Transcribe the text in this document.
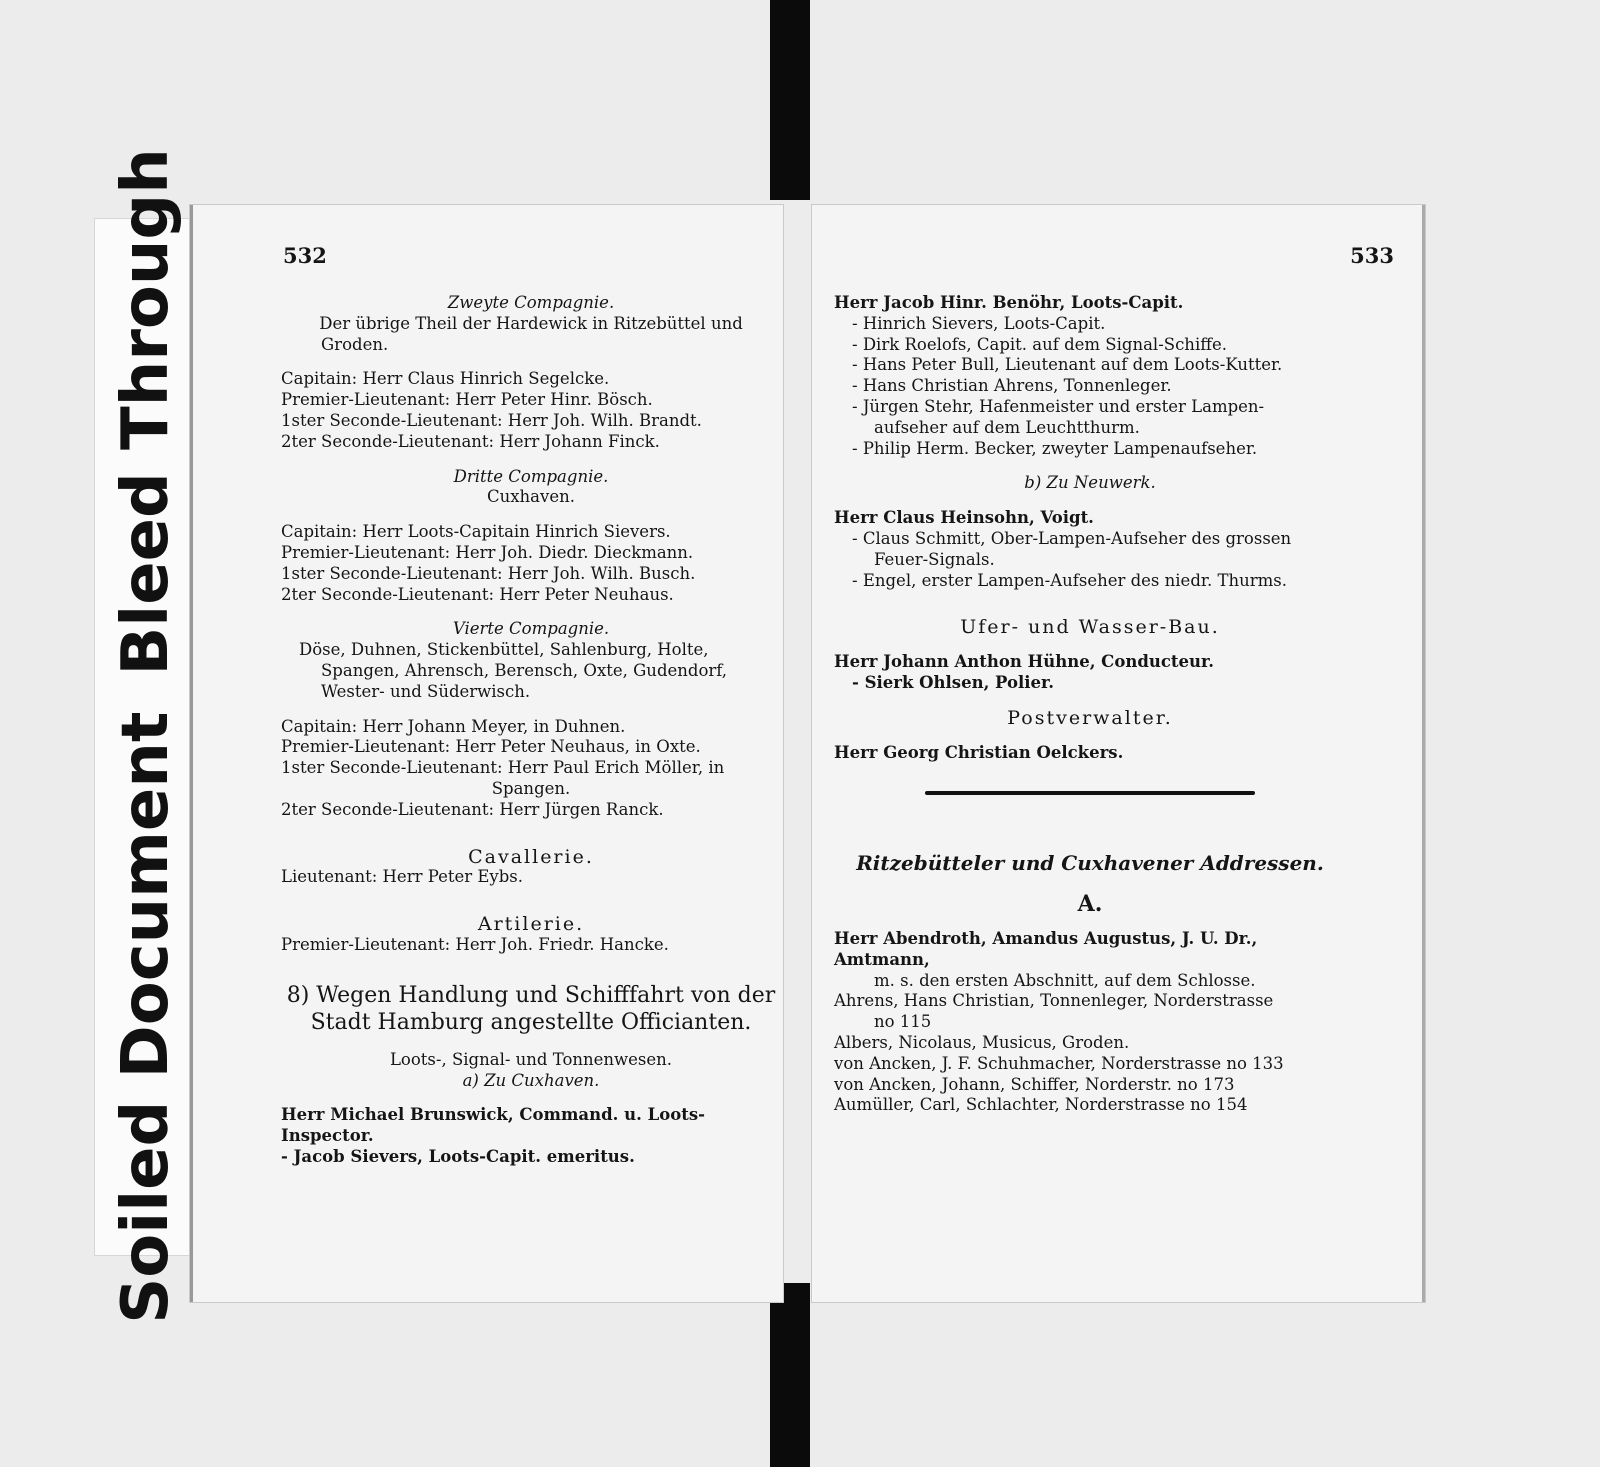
Soiled Document
Bleed Through	532
Zweyte Compagnie.
Der übrige Theil der Hardewick in Ritzebüttel und
Groden.
Capitain: Herr Claus Hinrich Segelcke.
Premier-Lieutenant: Herr Peter Hinr. Bösch.
1ster Seconde-Lieutenant: Herr Joh. Wilh. Brandt.
2ter Seconde-Lieutenant: Herr Johann Finck.
Dritte Compagnie.
Cuxhaven.
Capitain: Herr Loots-Capitain Hinrich Sievers.
Premier-Lieutenant: Herr Joh. Diedr. Dieckmann.
1ster Seconde-Lieutenant: Herr Joh. Wilh. Busch.
2ter Seconde-Lieutenant: Herr Peter Neuhaus.
Vierte Compagnie.
Döse, Duhnen, Stickenbüttel, Sahlenburg, Holte,
Spangen, Ahrensch, Berensch, Oxte, Gudendorf,
Wester- und Süderwisch.
Capitain: Herr Johann Meyer, in Duhnen.
Premier-Lieutenant: Herr Peter Neuhaus, in Oxte.
1ster Seconde-Lieutenant: Herr Paul Erich Möller, in
Spangen.
2ter Seconde-Lieutenant: Herr Jürgen Ranck.
Cavallerie.
Lieutenant: Herr Peter Eybs.
Artilerie.
Premier-Lieutenant: Herr Joh. Friedr. Hancke.
8) Wegen Handlung und Schifffahrt von der
Stadt Hamburg angestellte Officianten.
Loots-, Signal- und Tonnenwesen.
a) Zu Cuxhaven.
Herr Michael Brunswick, Command. u. Loots-Inspector.
- Jacob Sievers, Loots-Capit. emeritus.
533
Herr Jacob Hinr. Benöhr, Loots-Capit.
- Hinrich Sievers, Loots-Capit.
- Dirk Roelofs, Capit. auf dem Signal-Schiffe.
- Hans Peter Bull, Lieutenant auf dem Loots-Kutter.
- Hans Christian Ahrens, Tonnenleger.
- Jürgen Stehr, Hafenmeister und erster Lampen-
aufseher auf dem Leuchtthurm.
- Philip Herm. Becker, zweyter Lampenaufseher.
b) Zu Neuwerk.
Herr Claus Heinsohn, Voigt.
- Claus Schmitt, Ober-Lampen-Aufseher des grossen
Feuer-Signals.
- Engel, erster Lampen-Aufseher des niedr. Thurms.
Ufer- und Wasser-Bau.
Herr Johann Anthon Hühne, Conducteur.
- Sierk Ohlsen, Polier.
Postverwalter.
Herr Georg Christian Oelckers.
Ritzebütteler und Cuxhavener Addressen.
A.
Herr Abendroth, Amandus Augustus, J. U. Dr., Amtmann,
m. s. den ersten Abschnitt, auf dem Schlosse.
Ahrens, Hans Christian, Tonnenleger, Norderstrasse
no 115
Albers, Nicolaus, Musicus, Groden.
von Ancken, J. F. Schuhmacher, Norderstrasse no 133
von Ancken, Johann, Schiffer, Norderstr. no 173
Aumüller, Carl, Schlachter, Norderstrasse no 154
